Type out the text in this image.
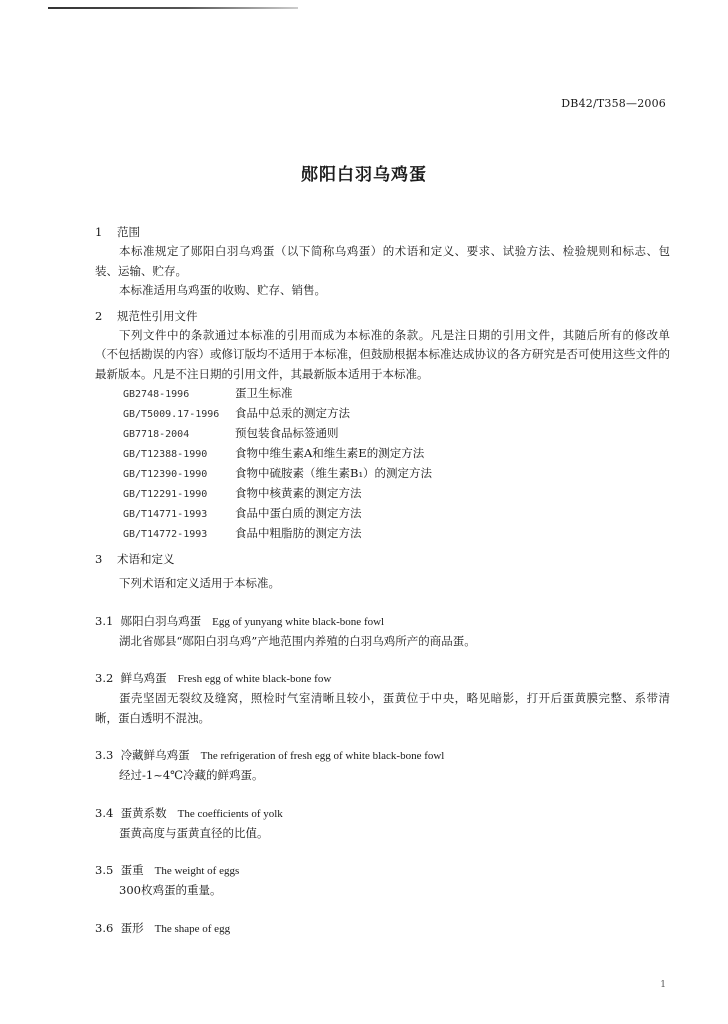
DB42/T358—2006
郧阳白羽乌鸡蛋

1 范围

本标准规定了郧阳白羽乌鸡蛋（以下简称乌鸡蛋）的术语和定义、要求、试验方法、检验规则和标志、包装、运输、贮存。

本标准适用乌鸡蛋的收购、贮存、销售。

2 规范性引用文件

下列文件中的条款通过本标准的引用而成为本标准的条款。凡是注日期的引用文件，其随后所有的修改单（不包括勘误的内容）或修订版均不适用于本标准，但鼓励根据本标准达成协议的各方研究是否可使用这些文件的最新版本。凡是不注日期的引用文件，其最新版本适用于本标准。

GB2748-1996	蛋卫生标准
GB/T5009.17-1996 食品中总汞的测定方法
GB7718-2004	预包装食品标签通则
GB/T12388-1990 食物中维生素A和维生素E的测定方法
GB/T12390-1990 食物中硫胺素（维生素B₁）的测定方法
GB/T12291-1990 食物中核黄素的测定方法
GB/T14771-1993 食品中蛋白质的测定方法
GB/T14772-1993 食品中粗脂肪的测定方法

3 术语和定义

下列术语和定义适用于本标准。

3.1 郧阳白羽乌鸡蛋 Egg of yunyang white black-bone fowl

湖北省郧县“郧阳白羽乌鸡”产地范围内养殖的白羽乌鸡所产的商品蛋。

3.2 鲜乌鸡蛋 Fresh egg of white black-bone fow

蛋壳坚固无裂纹及缝窝，照检时气室清晰且较小，蛋黄位于中央，略见暗影，打开后蛋黄膜完整、系带清晰，蛋白透明不混浊。

3.3 冷藏鲜乌鸡蛋 The refrigeration of fresh egg of white black-bone fowl

经过-1~4℃冷藏的鲜鸡蛋。

3.4 蛋黄系数 The coefficients of yolk

蛋黄高度与蛋黄直径的比值。

3.5 蛋重 The weight of eggs

300枚鸡蛋的重量。

3.6 蛋形 The shape of egg

1
